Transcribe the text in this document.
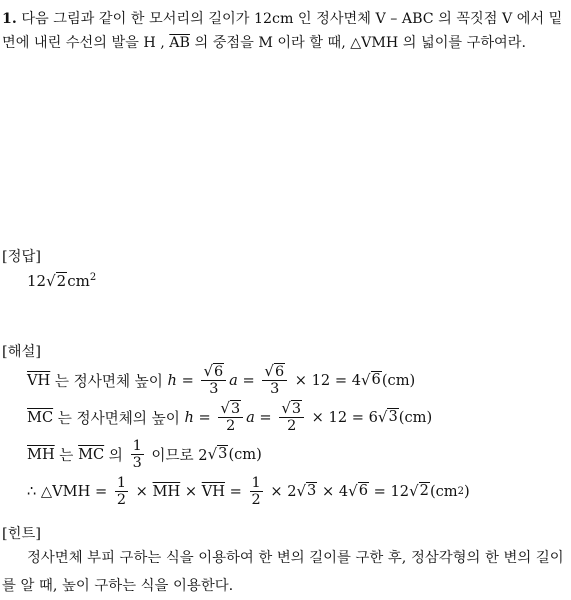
1. 다음 그림과 같이 한 모서리의 길이가 12cm 인 정사면체 V – ABC 의 꼭짓점 V 에서 밑면에 내린 수선의 발을 H , $\overline{AB}$ 의 중점을 M 이라 할 때, △VMH 의 넓이를 구하여라.
[정답]
12 √ 2 $cm^2$
[해설]
$\overline{VH}$ 는 정사면체 높이 $h = \frac{√ 6}{3}$ $a = \frac{√ 6}{3} \times 12 = 4$ √ 6 (cm)
$\overline{MC}$ 는 정사면체의 높이 $h = \frac{√ 3}{2}$ $a = \frac{√ 3}{2} \times 12 = 6$ √ 3 (cm)
$\overline{MH}$ 는 $\overline{MC}$ 의 $\frac{1}{3}$ 이므로 2 √ 3 (cm)
∴ △VMH = $\frac{1}{2} \times \overline{MH} \times \overline{VH} = \frac{1}{2} \times 2$ √ 3 × 4 √ 6 = 12 √ 2 (cm 2 )
[힌트]
정사면체 부피 구하는 식을 이용하여 한 변의 길이를 구한 후, 정삼각형의 한 변의 길이를 알 때, 높이 구하는 식을 이용한다.
